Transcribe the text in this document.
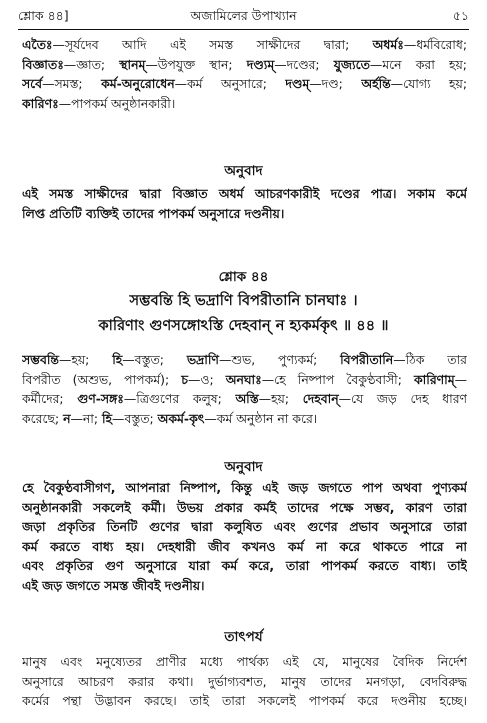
শ্লোক ৪৪]	অজামিলের উপাখ্যান	৫১
এতৈঃ—সূর্যদেব আদি এই সমস্ত সাক্ষীদের দ্বারা; অধর্মঃ—ধর্মবিরোধ;
বিজ্ঞাতঃ—জ্ঞাত; স্থানম্—উপযুক্ত স্থান; দণ্ড্যম্—দণ্ডের; যুজ্যতে—মনে করা হয়;
সর্বে—সমস্ত; কর্ম-অনুরোধেন—কর্ম অনুসারে; দণ্ডম্—দণ্ড; অর্হন্তি—যোগ্য হয়;
কারিণঃ—পাপকর্ম অনুষ্ঠানকারী।
অনুবাদ
এই সমস্ত সাক্ষীদের দ্বারা বিজ্ঞাত অধর্ম আচরণকারীই দণ্ডের পাত্র। সকাম কর্মে
লিপ্ত প্রতিটি ব্যক্তিই তাদের পাপকর্ম অনুসারে দণ্ডনীয়।
শ্লোক ৪৪
সম্ভবন্তি হি ভদ্রাণি বিপরীতানি চানঘাঃ ।
কারিণাং গুণসঙ্গোঽস্তি দেহবান্ ন হ্যকর্মকৃৎ ॥ ৪৪ ॥
সম্ভবন্তি—হয়; হি—বস্তুত; ভদ্রাণি—শুভ, পুণ্যকর্ম; বিপরীতানি—ঠিক তার
বিপরীত (অশুভ, পাপকর্ম); চ—ও; অনঘাঃ—হে নিষ্পাপ বৈকুণ্ঠবাসী; কারিণাম্—
কর্মীদের; গুণ-সঙ্গঃ—ত্রিগুণের কলুষ; অস্তি—হয়; দেহবান্—যে জড় দেহ ধারণ
করেছে; ন—না; হি—বস্তুত; অকর্ম-কৃৎ—কর্ম অনুষ্ঠান না করে।
অনুবাদ
হে বৈকুণ্ঠবাসীগণ, আপনারা নিষ্পাপ, কিন্তু এই জড় জগতে পাপ অথবা পুণ্যকর্ম
অনুষ্ঠানকারী সকলেই কর্মী। উভয় প্রকার কর্মই তাদের পক্ষে সম্ভব, কারণ তারা
জড়া প্রকৃতির তিনটি গুণের দ্বারা কলুষিত এবং গুণের প্রভাব অনুসারে তারা
কর্ম করতে বাধ্য হয়। দেহধারী জীব কখনও কর্ম না করে থাকতে পারে না
এবং প্রকৃতির গুণ অনুসারে যারা কর্ম করে, তারা পাপকর্ম করতে বাধ্য। তাই
এই জড় জগতে সমস্ত জীবই দণ্ডনীয়।
তাৎপর্য
মানুষ এবং মনুষ্যেতর প্রাণীর মধ্যে পার্থক্য এই যে, মানুষের বৈদিক নির্দেশ
অনুসারে আচরণ করার কথা। দুর্ভাগ্যবশত, মানুষ তাদের মনগড়া, বেদবিরুদ্ধ
কর্মের পন্থা উদ্ভাবন করছে। তাই তারা সকলেই পাপকর্ম করে দণ্ডনীয় হচ্ছে।
